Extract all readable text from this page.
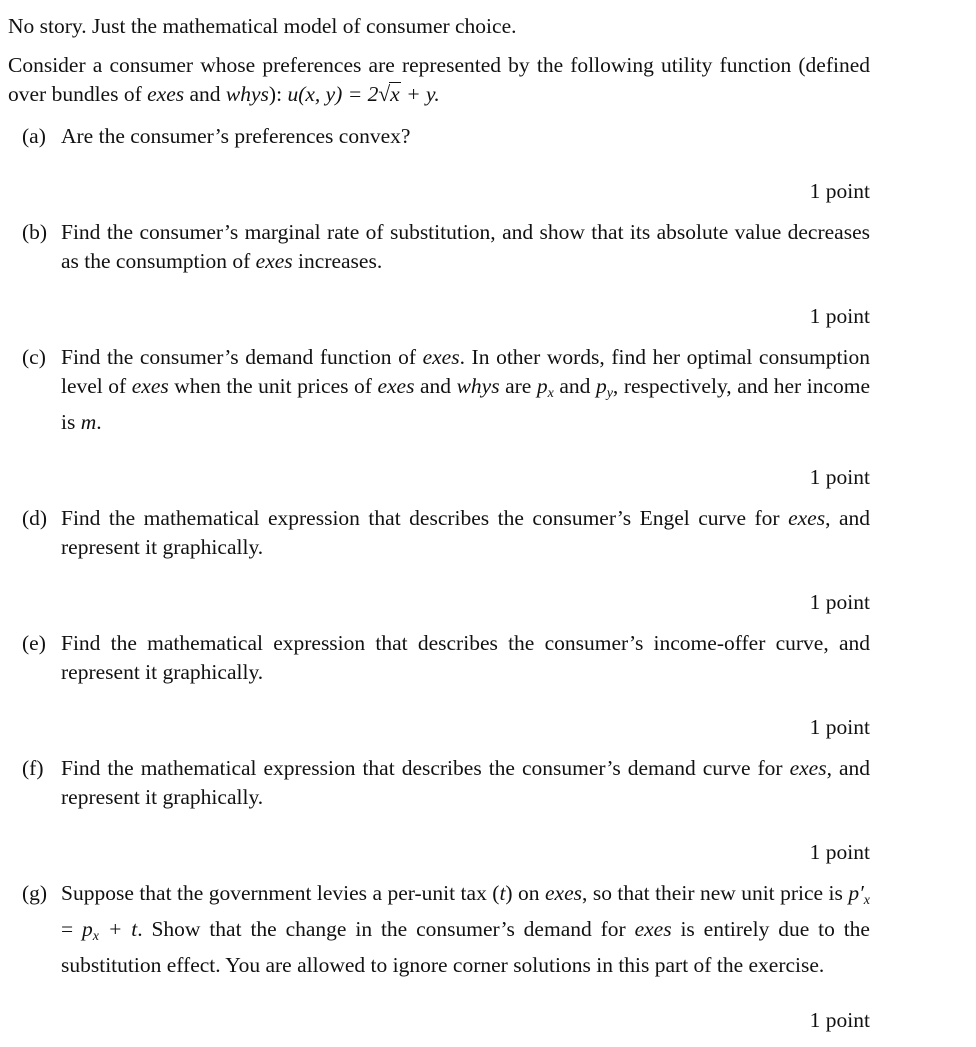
No story. Just the mathematical model of consumer choice.

Consider a consumer whose preferences are represented by the following utility function (defined over bundles of exes and whys): u(x, y) = 2√x + y.

(a) Are the consumer’s preferences convex?
1 point
(b) Find the consumer’s marginal rate of substitution, and show that its absolute value decreases as the consumption of exes increases.
1 point
(c) Find the consumer’s demand function of exes. In other words, find her optimal consumption level of exes when the unit prices of exes and whys are $p_x$ and $p_y$, respectively, and her income is m.
1 point
(d) Find the mathematical expression that describes the consumer’s Engel curve for exes, and represent it graphically.
1 point
(e) Find the mathematical expression that describes the consumer’s income-offer curve, and represent it graphically.
1 point
(f) Find the mathematical expression that describes the consumer’s demand curve for exes, and represent it graphically.
1 point
(g) Suppose that the government levies a per-unit tax (t) on exes, so that their new unit price is $p'_x = p_x + t$. Show that the change in the consumer’s demand for exes is entirely due to the substitution effect. You are allowed to ignore corner solutions in this part of the exercise.
1 point
